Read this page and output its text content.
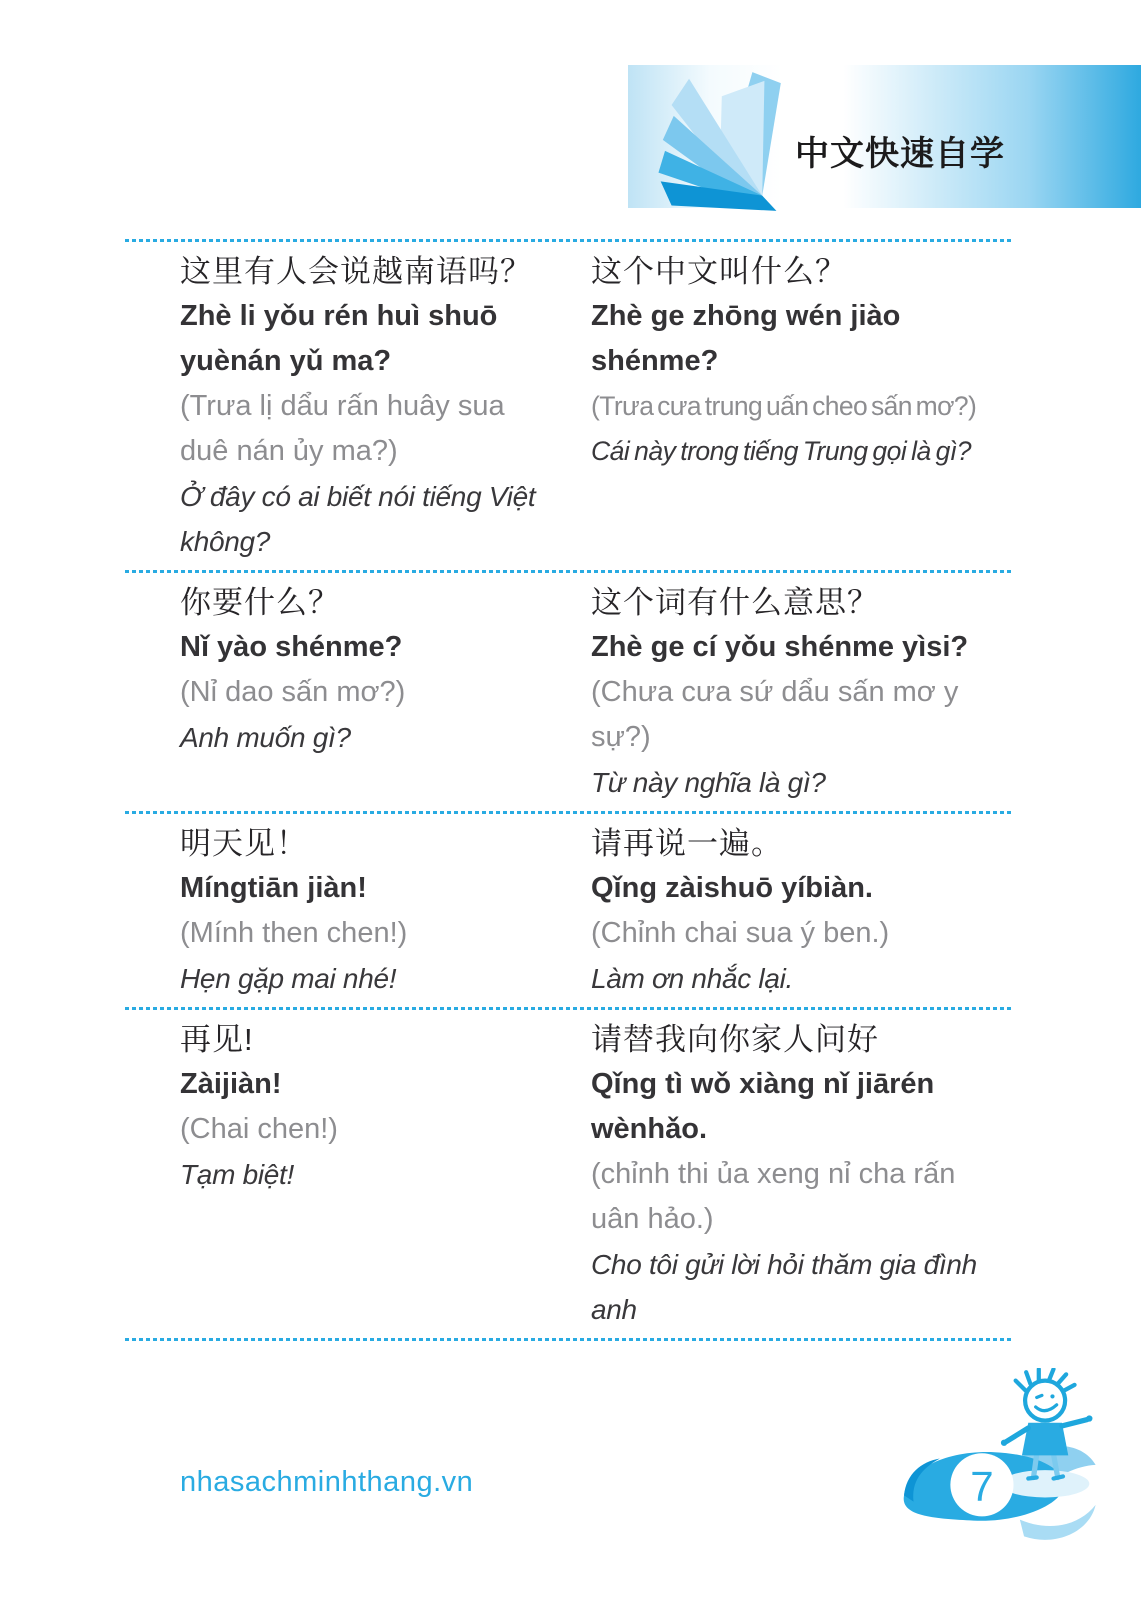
中文快速自学

这里有人会说越南语吗？

Zhè li yǒu rén huì shuō yuènán yǔ ma?

(Trưa lị dẩu rấn huây sua duê nán ủy ma?)

Ở đây có ai biết nói tiếng Việt không?

这个中文叫什么？

Zhè ge zhōng wén jiào shénme?

(Trưa cưa trung uấn cheo sấn mơ?)

Cái này trong tiếng Trung gọi là gì?

你要什么？

Nǐ yào shénme?

(Nỉ dao sấn mơ?)

Anh muốn gì?

这个词有什么意思？

Zhè ge cí yǒu shénme yìsi?

(Chưa cưa sứ dẩu sấn mơ y sự?)

Từ này nghĩa là gì?

明天见！

Míngtiān jiàn!

(Mính then chen!)

Hẹn gặp mai nhé!

请再说一遍。

Qǐng zàishuō yíbiàn.

(Chỉnh chai sua ý ben.)

Làm ơn nhắc lại.

再见!

Zàijiàn!

(Chai chen!)

Tạm biệt!

请替我向你家人问好

Qǐng tì wǒ xiàng nǐ jiārén wènhǎo.

(chỉnh thi ủa xeng nỉ cha rấn uân hảo.)

Cho tôi gửi lời hỏi thăm gia đình anh

nhasachminhthang.vn	7
